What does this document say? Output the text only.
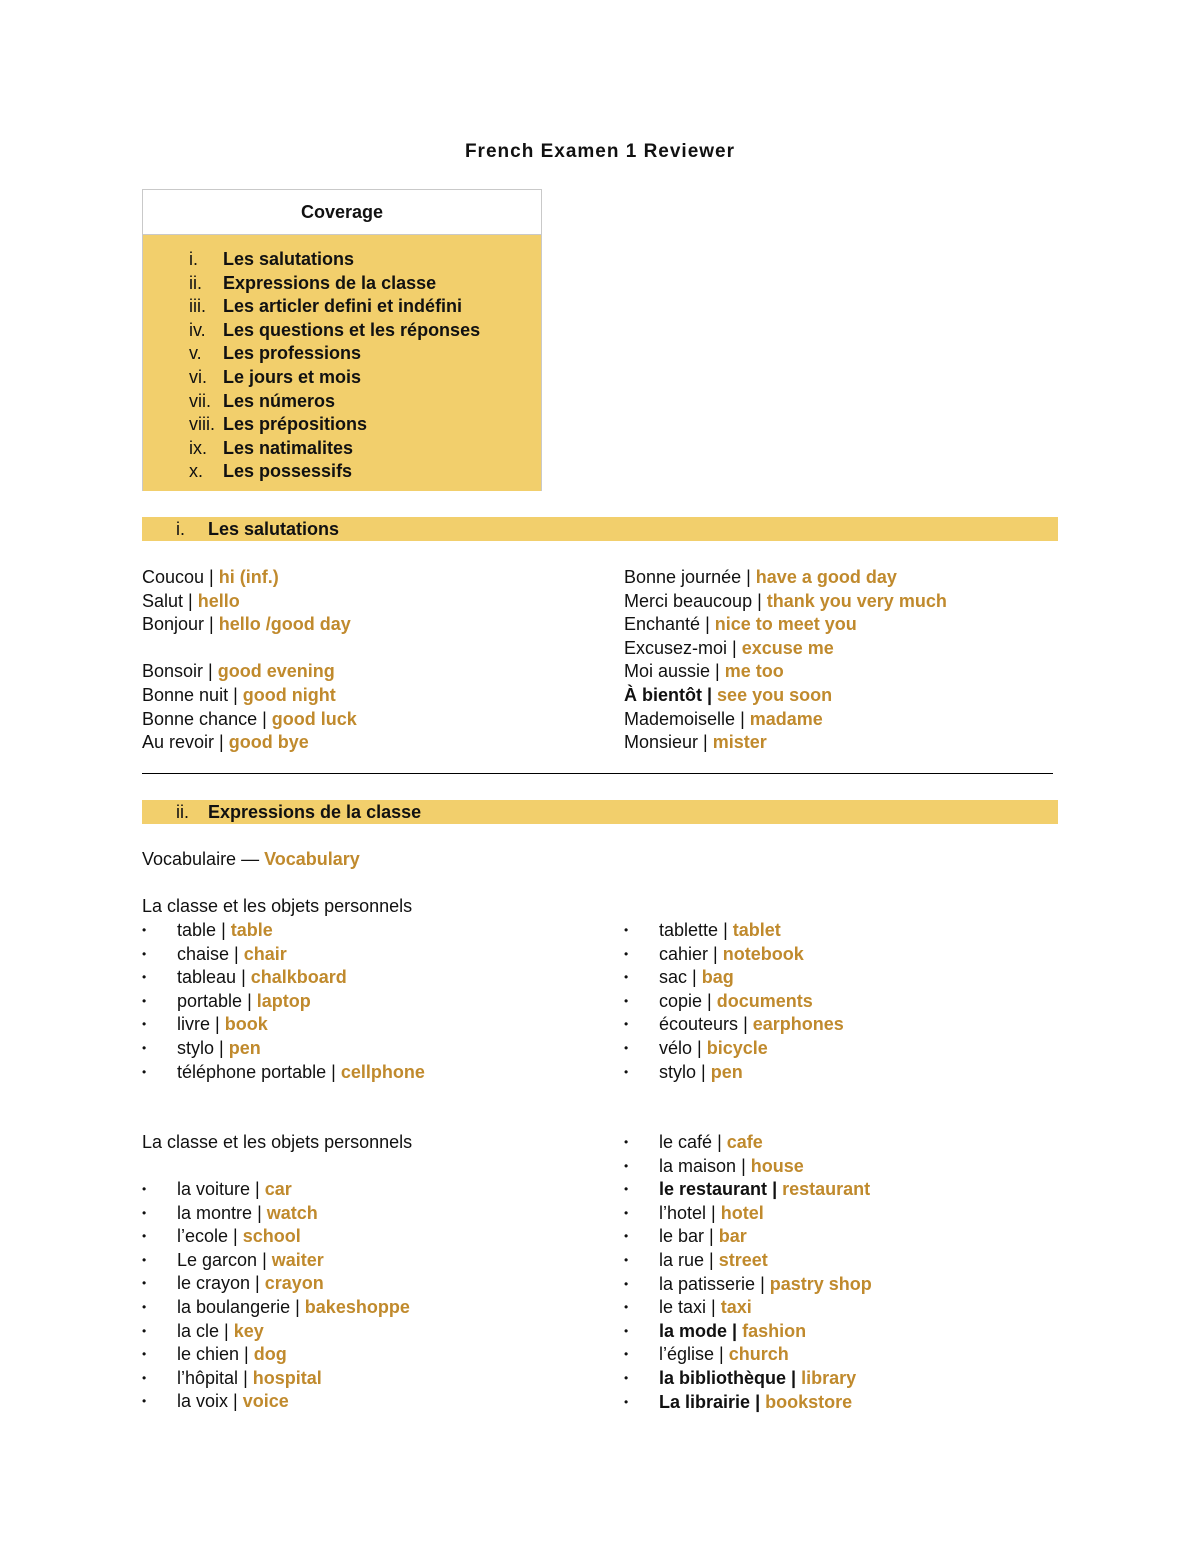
French Examen 1 Reviewer
Coverage
i.	Les salutations
ii.	Expressions de la classe
iii. Les articler defini et indéfini
iv. Les questions et les réponses
v.	Les professions
vi. Le jours et mois
vii. Les números
viii. Les prépositions
ix. Les natimalites
x.	Les possessifs
i. Les salutations
Coucou | hi (inf.)
Salut | hello
Bonjour | hello /good day

Bonsoir | good evening
Bonne nuit | good night
Bonne chance | good luck
Au revoir | good bye
Bonne journée | have a good day
Merci beaucoup | thank you very much
Enchanté | nice to meet you
Excusez-moi | excuse me
Moi aussie | me too
À bientôt | see you soon
Mademoiselle | madame
Monsieur | mister
ii. Expressions de la classe
Vocabulaire — Vocabulary
La classe et les objets personnels
• table | table
• chaise | chair
• tableau | chalkboard
• portable | laptop
• livre | book
• stylo | pen
• téléphone portable | cellphone
• tablette | tablet
• cahier | notebook
• sac | bag
• copie | documents
• écouteurs | earphones
• vélo | bicycle
• stylo | pen
La classe et les objets personnels
• la voiture | car
• la montre | watch
• l’ecole | school
• Le garcon | waiter
• le crayon | crayon
• la boulangerie | bakeshoppe
• la cle | key
• le chien | dog
• l’hôpital | hospital
• la voix | voice
• le café | cafe
• la maison | house
• le restaurant | restaurant
• l’hotel | hotel
• le bar | bar
• la rue | street
• la patisserie | pastry shop
• le taxi | taxi
• la mode | fashion
• l’église | church
• la bibliothèque | library
• La librairie | bookstore
